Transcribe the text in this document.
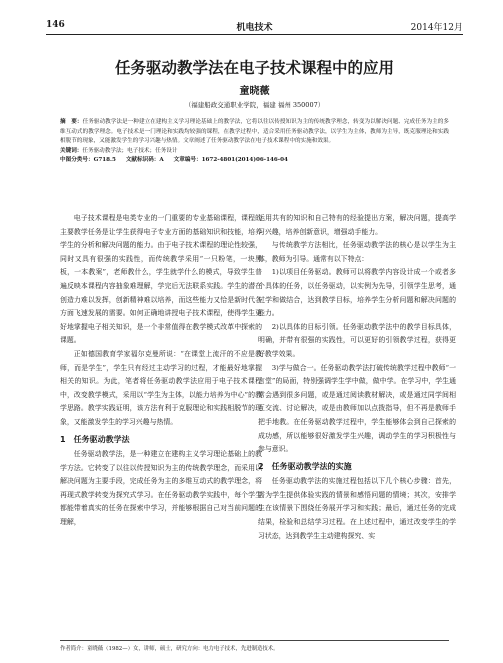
146	机电技术	2014年12月
任务驱动教学法在电子技术课程中的应用
童晓薇
（福建船政交通职业学院，福建 福州 350007）

摘　要：任务驱动教学法是一种建立在建构主义学习理论基础上的教学法，它将以往以传授知识为主的传统教学理念，转变为以解决问题、完成任务为主的多维互动式的教学理念。电子技术是一门理论和实践均较强的课程，在教学过程中，适合采用任务驱动教学法，以学生为主体，教师为主导，既克服理论和实践相脱节的现象，又能激发学生的学习兴趣与热情。文章阐述了任务驱动教学法在电子技术课程中的实施和效果。

关键词：任务驱动教学法；电子技术；任务设计

中图分类号：G718.5 文献标识码：A 文章编号：1672-4801(2014)06-146-04

电子技术课程是电类专业的一门重要的专业基础课程，课程的主要教学任务是让学生获得电子专业方面的基础知识和技能，培养学生的分析和解决问题的能力。由于电子技术课程的理论性较强，同时又具有很强的实践性，而传统教学采用“一只粉笔，一块黑板，一本教案”，老师教什么，学生就学什么的模式，导致学生普遍反映本课程内容抽象难理解，学完后无法联系实践。学生的潜在创造力难以发挥，创新精神难以培养，而这些能力又恰是新时代各方面飞速发展的需要。如何正确地讲授电子技术课程，使得学生更好地掌握电子相关知识，是一个非常值得在教学模式改革中探索的课题。

正如德国教育学家福尔克曼所说：“在课堂上流汗的不应是教师，而是学生”，学生只有经过主动学习的过程，才能最好地掌握相关的知识。为此，笔者将任务驱动教学法应用于电子技术课程中，改变教学模式，采用以“学生为主体，以能力培养为中心”的教学思路。教学实践证明，该方法有利于克服理论和实践相脱节的现象，又能激发学生的学习兴趣与热情。

1　任务驱动教学法

任务驱动教学法，是一种建立在建构主义学习理论基础上的教学方法。它转变了以往以传授知识为主的传统教学理念，而采用以解决问题为主要手段，完成任务为主的多维互动式的教学理念，将再现式教学转变为探究式学习。在任务驱动教学实践中，每个学生都能带着真实的任务在探索中学习，并能够根据自己对当前问题的理解，

运用共有的知识和自己特有的经验提出方案，解决问题，提高学习兴趣，培养创新意识，增强动手能力。

与传统教学方法相比，任务驱动教学法的核心是以学生为主体，教师为引导。通常有以下特点：

1)以项目任务驱动。教师可以将教学内容设计成一个或者多个具体的任务，以任务驱动，以实例为先导，引领学生思考，通过学和做结合，达到教学目标，培养学生分析问题和解决问题的能力。

2)以具体的目标引领。任务驱动教学法中的教学目标具体，明确，并带有很强的实践性，可以更好的引领教学过程，获得更好教学效果。

3)学与做合一。任务驱动教学法打破传统教学过程中教师“一言堂”的局面，特别强调学生学中做，做中学。在学习中，学生通常会遇到很多问题，或是通过阅读教材解决，或是通过同学间相互交流、讨论解决，或是由教师加以点拨指导，但不再是教师手把手地教。在任务驱动教学过程中，学生能够体会到自己探索的成功感，所以能够很好激发学生兴趣，调动学生的学习积极性与参与意识。

2　任务驱动教学法的实施

任务驱动教学法的实施过程包括以下几个核心步骤：首先，需为学生提供体验实践的情景和感悟问题的情境；其次，安排学生在该情景下围绕任务展开学习和实践；最后，通过任务的完成结果，检验和总结学习过程。在上述过程中，通过改变学生的学习状态，达到教学生主动建构探究、实

作者简介：童晓薇（1982—）女，讲师，硕士，研究方向：电力电子技术，先进制造技术。
